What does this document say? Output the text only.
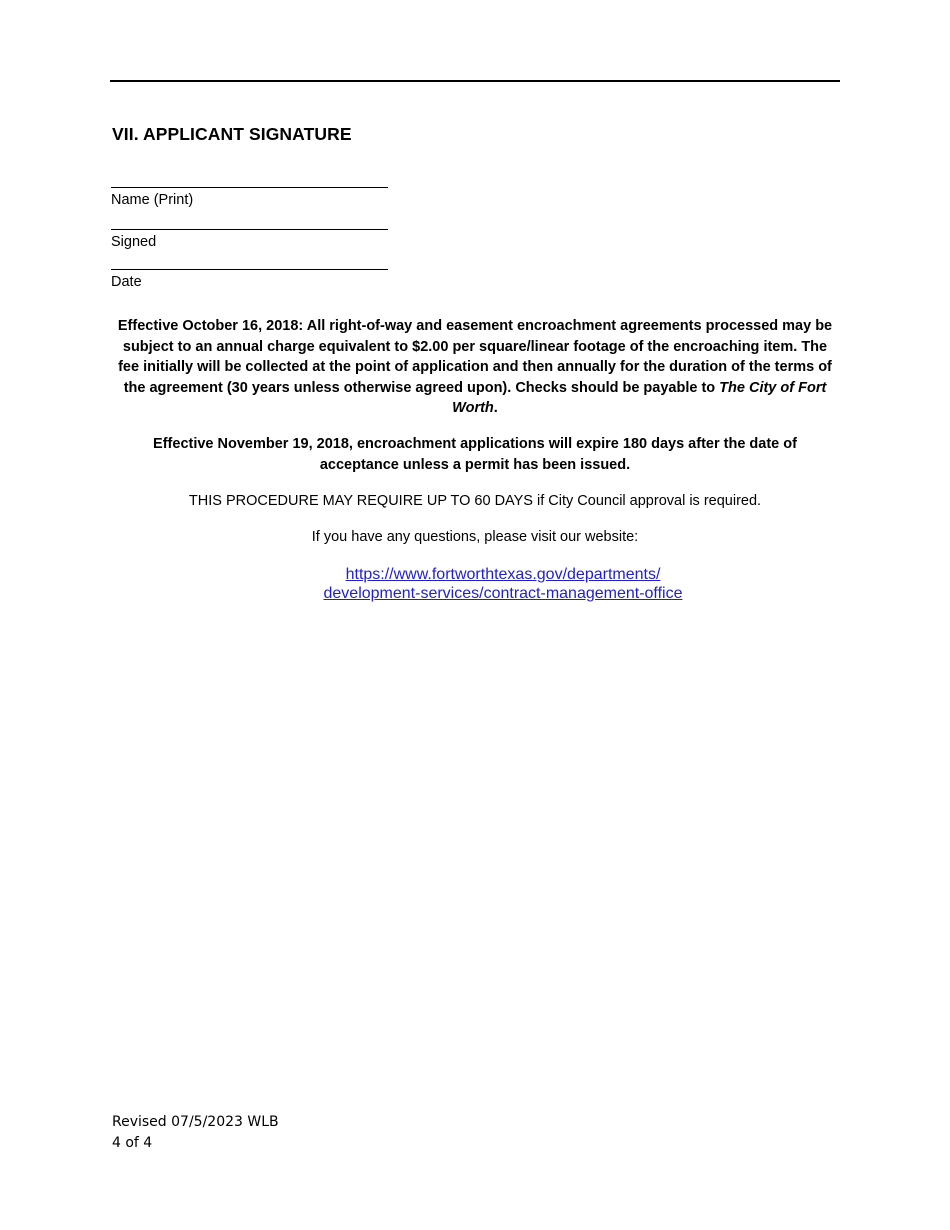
VII. APPLICANT SIGNATURE
Name (Print)
Signed
Date

Effective October 16, 2018: All right-of-way and easement encroachment agreements processed may be subject to an annual charge equivalent to $2.00 per square/linear footage of the encroaching item. The fee initially will be collected at the point of application and then annually for the duration of the terms of the agreement (30 years unless otherwise agreed upon). Checks should be payable to The City of Fort Worth.

Effective November 19, 2018, encroachment applications will expire 180 days after the date of acceptance unless a permit has been issued.

THIS PROCEDURE MAY REQUIRE UP TO 60 DAYS if City Council approval is required.

If you have any questions, please visit our website:

https://www.fortworthtexas.gov/departments/
development-services/contract-management-office
Revised 07/5/2023 WLB
4 of 4
